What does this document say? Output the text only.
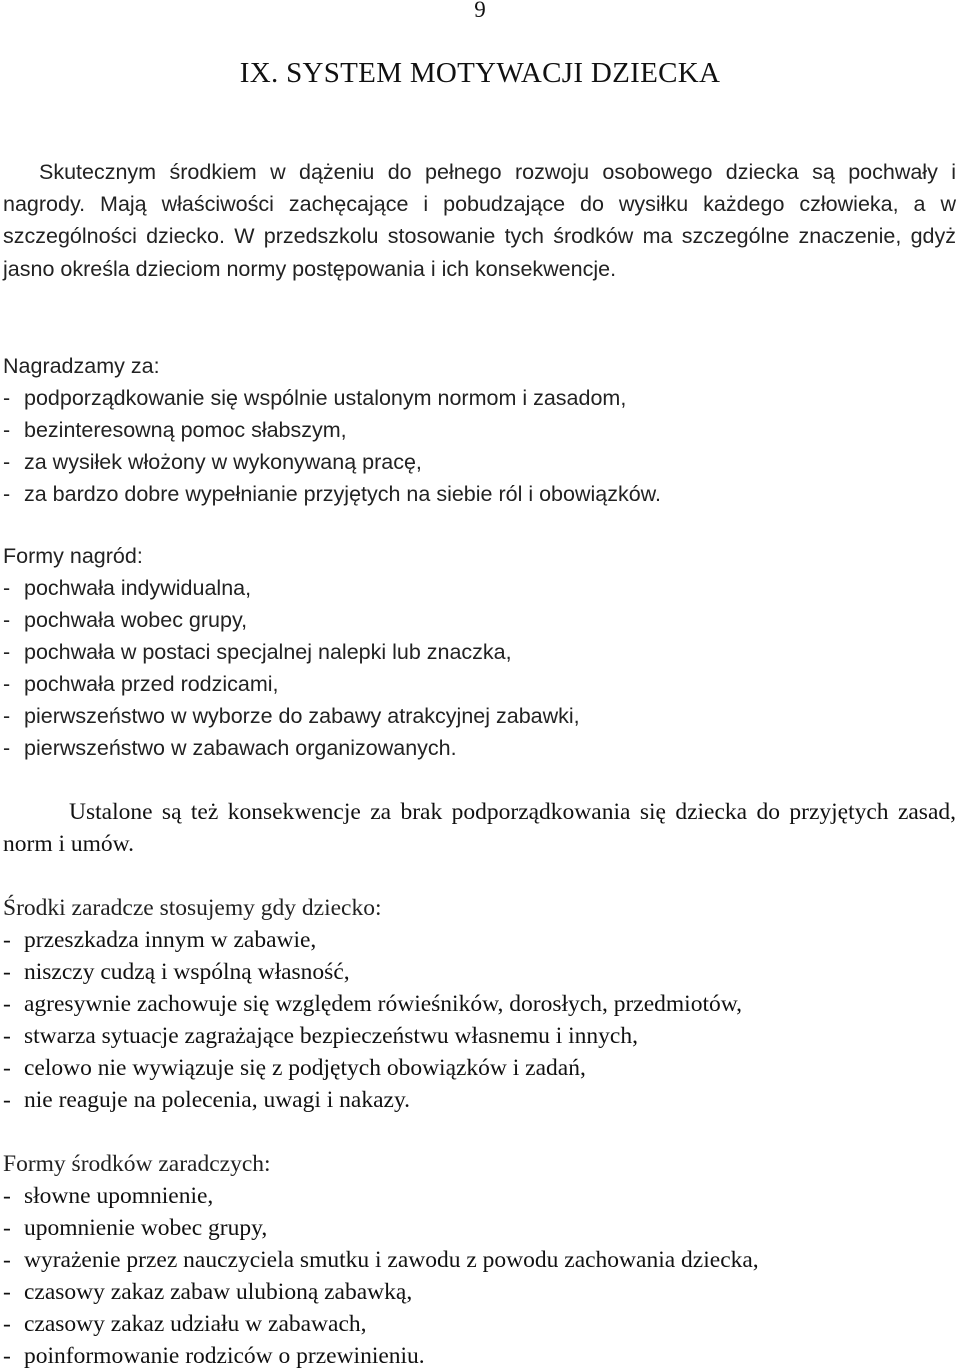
9
IX. SYSTEM MOTYWACJI DZIECKA

Skutecznym środkiem w dążeniu do pełnego rozwoju osobowego dziecka są pochwały i nagrody. Mają właściwości zachęcające i pobudzające do wysiłku każdego człowieka, a w szczególności dziecko. W przedszkolu stosowanie tych środków ma szczególne znaczenie, gdyż jasno określa dzieciom normy postępowania i ich konsekwencje.

Nagradzamy za:
- podporządkowanie się wspólnie ustalonym normom i zasadom,
- bezinteresowną pomoc słabszym,
- za wysiłek włożony w wykonywaną pracę,
- za bardzo dobre wypełnianie przyjętych na siebie ról i obowiązków.
Formy nagród:
- pochwała indywidualna,
- pochwała wobec grupy,
- pochwała w postaci specjalnej nalepki lub znaczka,
- pochwała przed rodzicami,
- pierwszeństwo w wyborze do zabawy atrakcyjnej zabawki,
- pierwszeństwo w zabawach organizowanych.

Ustalone są też konsekwencje za brak podporządkowania się dziecka do przyjętych zasad, norm i umów.

Środki zaradcze stosujemy gdy dziecko:
- przeszkadza innym w zabawie,
- niszczy cudzą i wspólną własność,
- agresywnie zachowuje się względem rówieśników, dorosłych, przedmiotów,
- stwarza sytuacje zagrażające bezpieczeństwu własnemu i innych,
- celowo nie wywiązuje się z podjętych obowiązków i zadań,
- nie reaguje na polecenia, uwagi i nakazy.
Formy środków zaradczych:
- słowne upomnienie,
- upomnienie wobec grupy,
- wyrażenie przez nauczyciela smutku i zawodu z powodu zachowania dziecka,
- czasowy zakaz zabaw ulubioną zabawką,
- czasowy zakaz udziału w zabawach,
- poinformowanie rodziców o przewinieniu.
